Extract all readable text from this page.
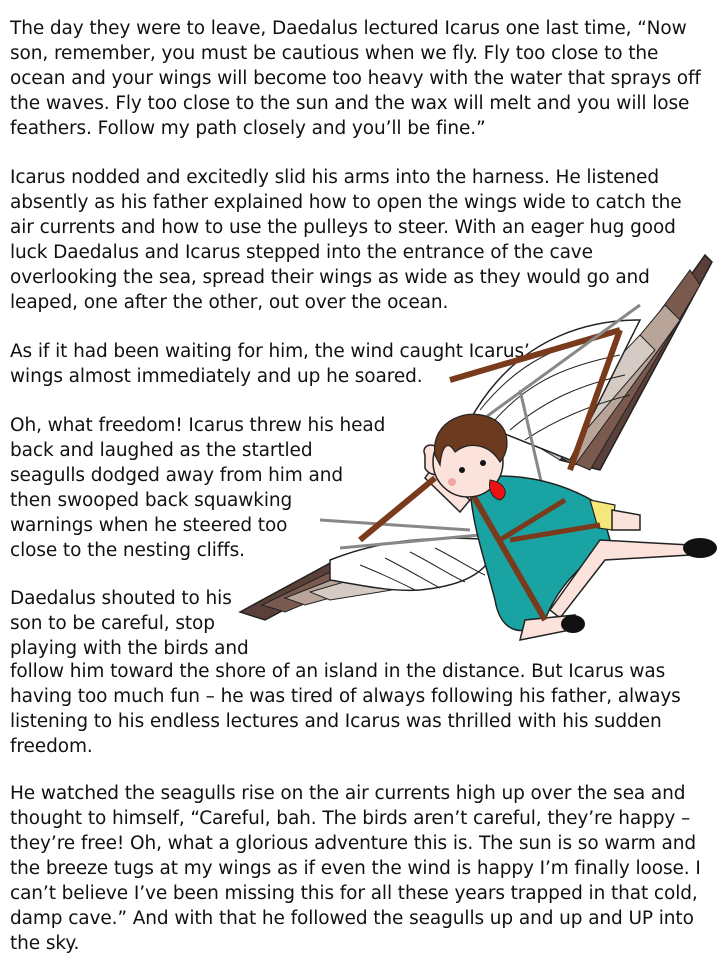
The day they were to leave, Daedalus lectured Icarus one last time, “Now
son, remember, you must be cautious when we fly. Fly too close to the
ocean and your wings will become too heavy with the water that sprays off
the waves. Fly too close to the sun and the wax will melt and you will lose
feathers. Follow my path closely and you’ll be fine.”
Icarus nodded and excitedly slid his arms into the harness. He listened
absently as his father explained how to open the wings wide to catch the
air currents and how to use the pulleys to steer. With an eager hug good
luck Daedalus and Icarus stepped into the entrance of the cave
overlooking the sea, spread their wings as wide as they would go and
leaped, one after the other, out over the ocean.
As if it had been waiting for him, the wind caught Icarus’
wings almost immediately and up he soared.
Oh, what freedom! Icarus threw his head
back and laughed as the startled
seagulls dodged away from him and
then swooped back squawking
warnings when he steered too
close to the nesting cliffs.
Daedalus shouted to his
son to be careful, stop
playing with the birds and
follow him toward the shore of an island in the distance. But Icarus was
having too much fun – he was tired of always following his father, always
listening to his endless lectures and Icarus was thrilled with his sudden
freedom.
He watched the seagulls rise on the air currents high up over the sea and
thought to himself, “Careful, bah. The birds aren’t careful, they’re happy –
they’re free! Oh, what a glorious adventure this is. The sun is so warm and
the breeze tugs at my wings as if even the wind is happy I’m finally loose. I
can’t believe I’ve been missing this for all these years trapped in that cold,
damp cave.” And with that he followed the seagulls up and up and UP into
the sky.
